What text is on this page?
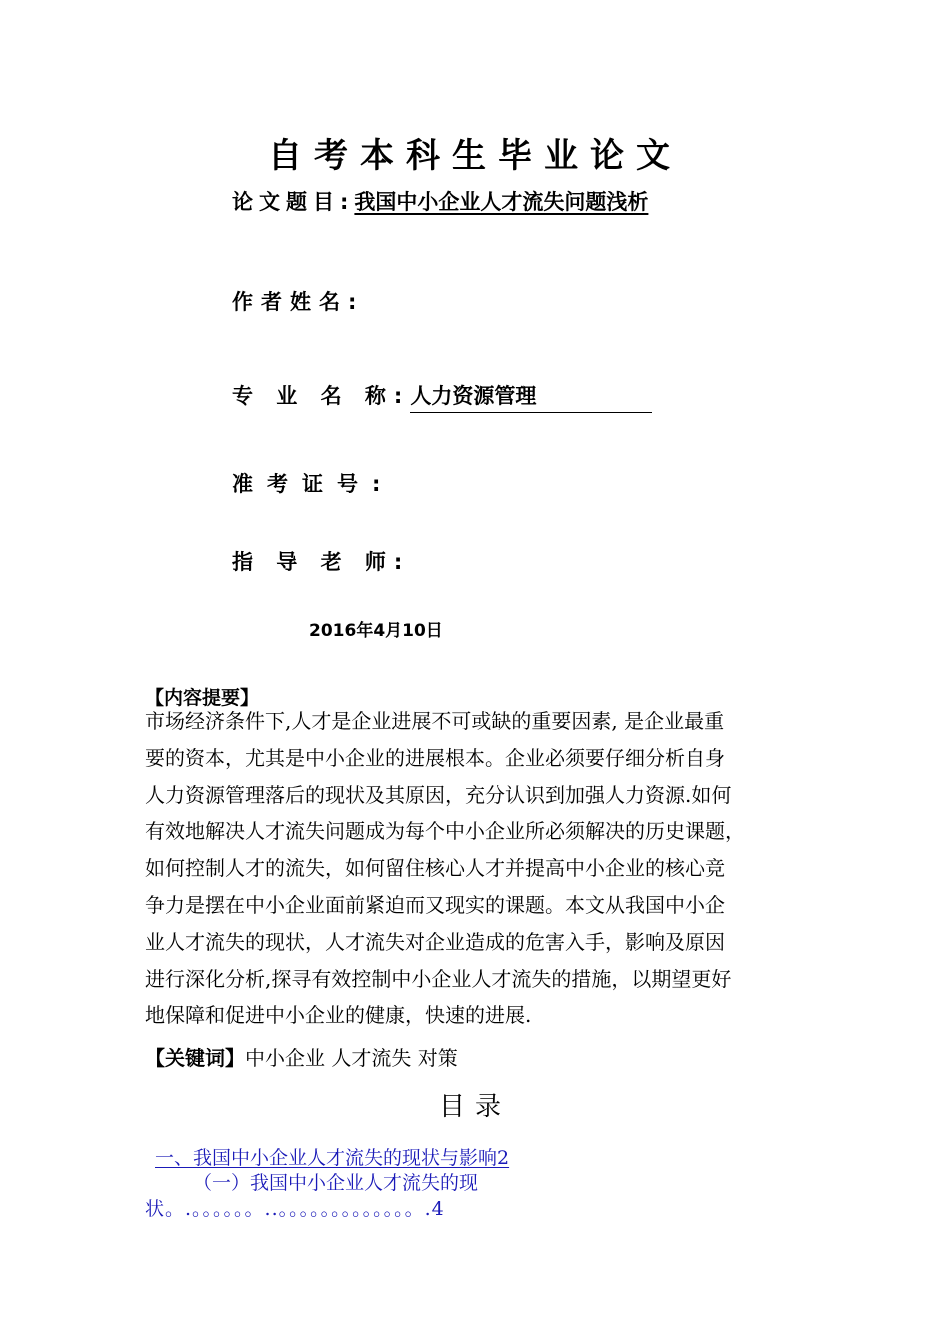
自考本科生毕业论文
论文题目:我国中小企业人才流失问题浅析
作者姓名:
专 业 名 称:人力资源管理
准考证号:
指 导 老 师:
2016年4月10日
【内容提要】
市场经济条件下,人才是企业进展不可或缺的重要因素, 是企业最重
要的资本，尤其是中小企业的进展根本。企业必须要仔细分析自身
人力资源管理落后的现状及其原因，充分认识到加强人力资源.如何
有效地解决人才流失问题成为每个中小企业所必须解决的历史课题，
如何控制人才的流失，如何留住核心人才并提高中小企业的核心竞
争力是摆在中小企业面前紧迫而又现实的课题。本文从我国中小企
业人才流失的现状，人才流失对企业造成的危害入手，影响及原因
进行深化分析,探寻有效控制中小企业人才流失的措施，以期望更好
地保障和促进中小企业的健康，快速的进展.
【关键词】中小企业 人才流失 对策
目录
一、我国中小企业人才流失的现状与影响2
（一）我国中小企业人才流失的现
状。.。。。。。。..。。。。。。。。。。。。。.4
